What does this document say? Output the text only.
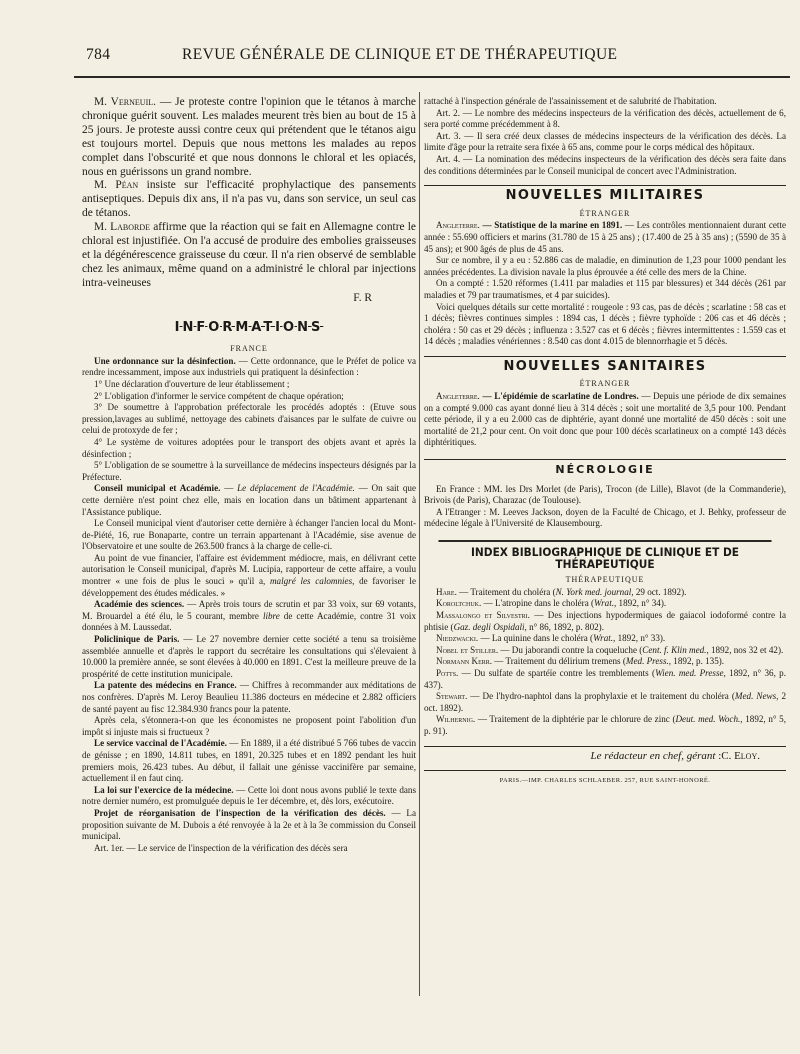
784	REVUE GÉNÉRALE DE CLINIQUE ET DE THÉRAPEUTIQUE

M. Verneuil. — Je proteste contre l'opinion que le tétanos à marche chronique guérit souvent. Les malades meurent très bien au bout de 15 à 25 jours. Je proteste aussi contre ceux qui prétendent que le tétanos aigu est toujours mortel. Depuis que nous mettons les malades au repos complet dans l'obscurité et que nous donnons le chloral et les opiacés, nous en guérissons un grand nombre.

M. Péan insiste sur l'efficacité prophylactique des pansements antiseptiques. Depuis dix ans, il n'a pas vu, dans son service, un seul cas de tétanos.

M. Laborde affirme que la réaction qui se fait en Allemagne contre le chloral est injustifiée. On l'a accusé de produire des embolies graisseuses et la dégénérescence graisseuse du cœur. Il n'a rien observé de semblable chez les animaux, même quand on a administré le chloral par injections intra-veineuses

F. R
INFORMATIONS
FRANCE

Une ordonnance sur la désinfection. — Cette ordonnance, que le Préfet de police va rendre incessamment, impose aux industriels qui pratiquent la désinfection :

1° Une déclaration d'ouverture de leur établissement ;
2° L'obligation d'informer le service compétent de chaque opération;
3° De soumettre à l'approbation préfectorale les procédés adoptés : (Etuve sous pression,lavages au sublimé, nettoyage des cabinets d'aisances par le sulfate de cuivre ou celui de protoxyde de fer ;
4° Le système de voitures adoptées pour le transport des objets avant et après la désinfection ;
5° L'obligation de se soumettre à la surveillance de médecins inspecteurs désignés par la Préfecture.

Conseil municipal et Académie. — Le déplacement de l'Académie. — On sait que cette dernière n'est point chez elle, mais en location dans un bâtiment appartenant à l'Assistance publique.

Le Conseil municipal vient d'autoriser cette dernière à échanger l'ancien local du Mont-de-Piété, 16, rue Bonaparte, contre un terrain appartenant à l'Académie, sise avenue de l'Observatoire et une soulte de 263.500 francs à la charge de celle-ci.

Au point de vue financier, l'affaire est évidemment médiocre, mais, en délivrant cette autorisation le Conseil municipal, d'après M. Lucipia, rapporteur de cette affaire, a voulu montrer « une fois de plus le souci » qu'il a, malgré les calomnies, de favoriser le développement des études médicales. »

Académie des sciences. — Après trois tours de scrutin et par 33 voix, sur 69 votants, M. Brouardel a été élu, le 5 courant, membre libre de cette Académie, contre 31 voix données à M. Laussedat.

Policlinique de Paris. — Le 27 novembre dernier cette société a tenu sa troisième assemblée annuelle et d'après le rapport du secrétaire les consultations qui s'élevaient à 10.000 la première année, se sont élevées à 40.000 en 1891. C'est la meilleure preuve de la prospérité de cette institution municipale.

La patente des médecins en France. — Chiffres à recommander aux méditations de nos confrères. D'après M. Leroy Beaulieu 11.386 docteurs en médecine et 2.882 officiers de santé payent au fisc 12.384.930 francs pour la patente.

Après cela, s'étonnera-t-on que les économistes ne proposent point l'abolition d'un impôt si injuste mais si fructueux ?

Le service vaccinal de l'Académie. — En 1889, il a été distribué 5 766 tubes de vaccin de génisse ; en 1890, 14.811 tubes, en 1891, 20.325 tubes et en 1892 pendant les huit premiers mois, 26.423 tubes. Au début, il fallait une génisse vaccinifère par semaine, actuellement il en faut cinq.

La loi sur l'exercice de la médecine. — Cette loi dont nous avons publié le texte dans notre dernier numéro, est promulguée depuis le 1er décembre, et, dès lors, exécutoire.

Projet de réorganisation de l'inspection de la vérification des décès. — La proposition suivante de M. Dubois a été renvoyée à la 2e et à la 3e commission du Conseil municipal.

Art. 1er. — Le service de l'inspection de la vérification des décès sera

rattaché à l'inspection générale de l'assainissement et de salubrité de l'habitation.

Art. 2. — Le nombre des médecins inspecteurs de la vérification des décès, actuellement de 6, sera porté comme précédemment à 8.

Art. 3. — Il sera créé deux classes de médecins inspecteurs de la vérification des décès. La limite d'âge pour la retraite sera fixée à 65 ans, comme pour le corps médical des hôpitaux.

Art. 4. — La nomination des médecins inspecteurs de la vérification des décès sera faite dans des conditions déterminées par le Conseil municipal de concert avec l'Administration.

NOUVELLES MILITAIRES
ÉTRANGER

Angleterre. — Statistique de la marine en 1891. — Les contrôles mentionnaient durant cette année : 55.690 officiers et marins (31.780 de 15 à 25 ans) ; (17.400 de 25 à 35 ans) ; (5590 de 35 à 45 ans); et 900 âgés de plus de 45 ans.

Sur ce nombre, il y a eu : 52.886 cas de maladie, en diminution de 1,23 pour 1000 pendant les années précédentes. La division navale la plus éprouvée a été celle des mers de la Chine.

On a compté : 1.520 réformes (1.411 par maladies et 115 par blessures) et 344 décès (261 par maladies et 79 par traumatismes, et 4 par suicides).

Voici quelques détails sur cette mortalité : rougeole : 93 cas, pas de décès ; scarlatine : 58 cas et 1 décès; fièvres continues simples : 1894 cas, 1 décès ; fièvre typhoïde : 206 cas et 46 décès ; choléra : 50 cas et 29 décès ; influenza : 3.527 cas et 6 décès ; fièvres intermittentes : 1.559 cas et 14 décès ; maladies vénériennes : 8.540 cas dont 4.015 de blennorrhagie et 5 décès.

NOUVELLES SANITAIRES
ÉTRANGER

Angleterre. — L'épidémie de scarlatine de Londres. — Depuis une période de dix semaines on a compté 9.000 cas ayant donné lieu à 314 décès ; soit une mortalité de 3,5 pour 100. Pendant cette période, il y a eu 2.000 cas de diphtérie, ayant donné une mortalité de 450 décès : soit une mortalité de 21,2 pour cent. On voit donc que pour 100 décès scarlatineux on a compté 143 décès diphtéritiques.

NÉCROLOGIE

En France : MM. les Drs Morlet (de Paris), Trocon (de Lille), Blavot (de la Commanderie), Brivois (de Paris), Charazac (de Toulouse).

A l'Etranger : M. Leeves Jackson, doyen de la Faculté de Chicago, et J. Behky, professeur de médecine légale à l'Université de Klausembourg.

INDEX BIBLIOGRAPHIQUE DE CLINIQUE ET DE THÉRAPEUTIQUE
THÉRAPEUTIQUE

Hare. — Traitement du choléra (N. York med. journal, 29 oct. 1892).

Koroltchuk. — L'atropine dans le choléra (Wrat., 1892, n° 34).

Massalongo et Silvestri. — Des injections hypodermiques de gaiacol iodoformé contre la phtisie (Gaz. degli Ospidali, n° 86, 1892, p. 802).

Niedzwacki. — La quinine dans le choléra (Wrat., 1892, n° 33).

Nobel et Stiller. — Du jaborandi contre la coqueluche (Cent. f. Klin med., 1892, nos 32 et 42).

Normann Kerr. — Traitement du délirium tremens (Med. Press., 1892, p. 135).

Potts. — Du sulfate de spartéïe contre les tremblements (Wien. med. Presse, 1892, n° 36, p. 437).

Stewart. — De l'hydro-naphtol dans la prophylaxie et le traitement du choléra (Med. News, 2 oct. 1892).

Wilhernig. — Traitement de la diphtérie par le chlorure de zinc (Deut. med. Woch., 1892, n° 5, p. 91).

Le rédacteur en chef, gérant :C. Eloy.
PARIS.—IMP. CHARLES SCHLAEBER. 257, RUE SAINT-HONORÉ.
